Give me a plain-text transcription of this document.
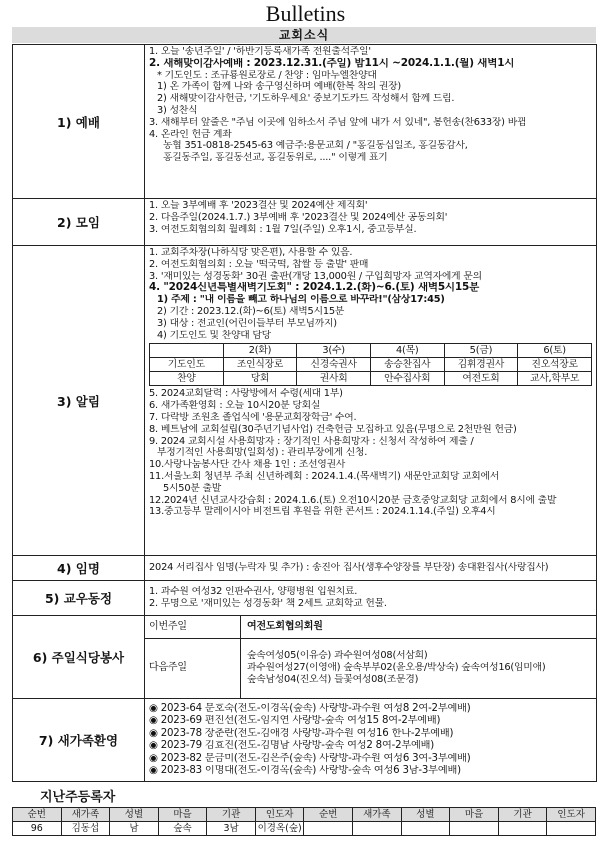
Bulletins
교회소식
1) 예배	
1. 오늘 '송년주일' / '하반기등록새가족 전원출석주일'
2. 새해맞이감사예배 : 2023.12.31.(주일) 밤11시 ~2024.1.1.(월) 새벽1시
* 기도인도 : 조규룡원로장로 / 찬양 : 임마누엘찬양대
1) 온 가족이 함께 나와 송구영신하며 예배(한복 착의 권장)
2) 새해맞이감사헌금, '기도하우세요' 중보기도카드 작성해서 함께 드림.
3) 성찬식
3. 새해부터 앞줄은 "주님 이곳에 임하소서 주님 앞에 내가 서 있네", 봉헌송(찬633장) 바뀜
4. 온라인 헌금 계좌
농협 351-0818-2545-63 예금주:용문교회 / "홍길동십일조, 홍길동감사,
홍길동주일, 홍길동선교, 홍길동위로, ...." 이렇게 표기

2) 모임	
1. 오늘 3부예배 후 '2023결산 및 2024예산 제직회'
2. 다음주일(2024.1.7.) 3부예배 후 '2023결산 및 2024예산 공동의회'
3. 여전도회협의회 월례회 : 1월 7일(주일) 오후1시, 중고등부실.

3) 알림	
1. 교회주차장(나하식당 맞은편), 사용할 수 있음.
2. 여전도회협의회 : 오늘 '떡국떡, 찹쌀 등 출발' 판매
3. '재미있는 성경동화' 30권 출판(개당 13,000원 / 구입희망자 교역자에게 문의
4. "2024신년특별새벽기도회" : 2024.1.2.(화)~6.(토) 새벽5시15분
1) 주제 : "내 이름을 빼고 하나님의 이름으로 바꾸라!"(삼상17:45)
2) 기간 : 2023.12.(화)~6(토) 새벽5시15분
3) 대상 : 전교인(어린이들부터 부모님까지)
4) 기도인도 및 찬양대 담당
	2(화)	3(수)	4(목)	5(금)	6(토)
기도인도	조인식장로	신경숙권사	송승찬집사	김휘경권사	진오석장로
찬양	당회	권사회	안수집사회	여전도회	교사,학부모
5. 2024교회달력 : 사랑방에서 수령(세대 1부)
6. 새가족환영회 : 오늘 10시20분 당회실
7. 다락방 조원초 졸업식에 '용문교회장학금' 수여.
8. 베트남에 교회설립(30주년기념사업) 건축헌금 모집하고 있음(무명으로 2천만원 헌금)
9. 2024 교회시설 사용희망자 : 장기적인 사용희망자 : 신청서 작성하여 제출 /
부정기적인 사용희망(일회성) : 관리부장에게 신청.
10.사랑나눔봉사단 간사 채용 1인 : 조선영권사
11.서울노회 청년부 주최 신년하례회 : 2024.1.4.(목새벽기) 새문안교회당 교회에서
5시50분 출발
12.2024년 신년교사강습회 : 2024.1.6.(토) 오전10시20분 금호중앙교회당 교회에서 8시에 출발
13.중고등부 말레이시아 비전트립 후원을 위한 콘서트 : 2024.1.14.(주일) 오후4시

4) 임명	2024 서리집사 임명(누락자 및 추가) : 송진아 집사(생후수양장를 부단장) 송대환집사(사랑집사)

5) 교우동정	1. 과수원 여성32 인판수권사, 양평병원 입원치료.
2. 무명으로 '재미있는 성경동화' 책 2세트 교회학교 헌물.

6) 주일식당봉사	
이번주일	여전도회협의회원
다음주일	
숲속여성05(이유승) 과수원여성08(서삼희)
과수원여성27(이영애) 숲속부부02(윤오용/박상숙) 숲속여성16(임미애)
숲속남성04(진오석) 들꽃여성08(조문경)

7) 새가족환영	
◉ 2023-64 문호숙(전도-이경옥(숲속) 사랑방-과수원 여성8 2여-2부예배)
◉ 2023-69 편진선(전도-임지연 사랑방-숲속 여성15 8여-2부예배)
◉ 2023-78 장춘란(전도-김애경 사랑방-과수원 여성16 한나-2부예배)
◉ 2023-79 김효진(전도-김명남 사랑방-숲속 여성2 8여-2부예배)
◉ 2023-82 문금미(전도-김은주(숲속) 사랑방-과수원 여성6 3여-3부예배)
◉ 2023-83 이명대(전도-이경옥(숲속) 사랑방-숲속 여성6 3남-3부예배)
지난주등록자
순번	새가족	성별	마을	기관	인도자	순번	새가족	성별	마을	기관	인도자
96	김동섭	남	숲속	3남	이경옥(숲)						
